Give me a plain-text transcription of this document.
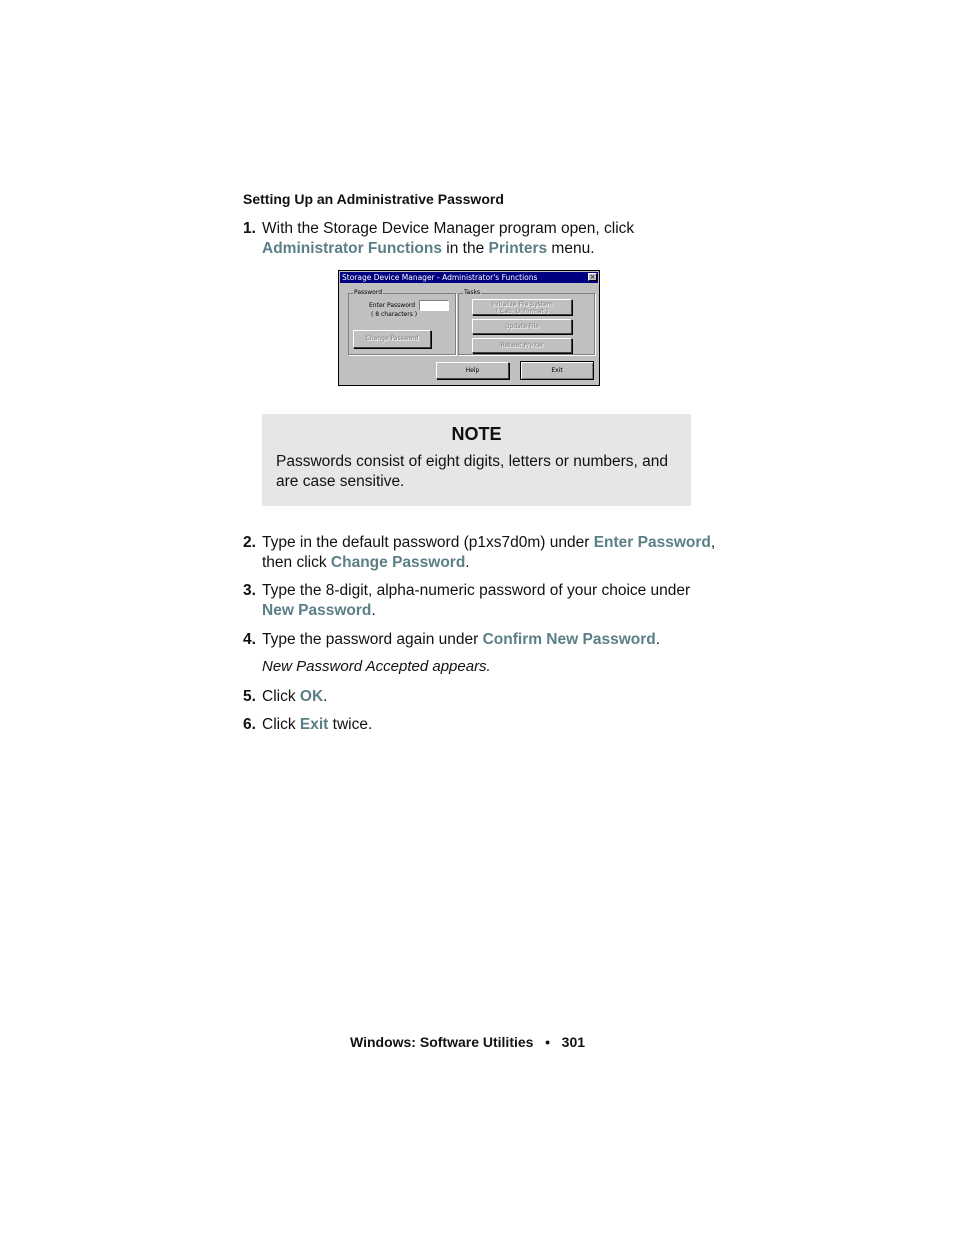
Setting Up an Administrative Password
1. With the Storage Device Manager program open, click Administrator Functions in the Printers menu.
Storage Device Manager - Administrator's Functions	×
Password
Enter Password
( 8 characters )
Change Password
Tasks
Initialize File System
( Cab, Unformat )
Update File
Reboot Printer
Help	Exit
NOTE
Passwords consist of eight digits, letters or numbers, and are case sensitive.
2. Type in the default password (p1xs7d0m) under Enter Password, then click Change Password.
3. Type the 8-digit, alpha-numeric password of your choice under New Password.
4. Type the password again under Confirm New Password.
New Password Accepted appears.
5. Click OK.
6. Click Exit twice.
Windows: Software Utilities   •   301
